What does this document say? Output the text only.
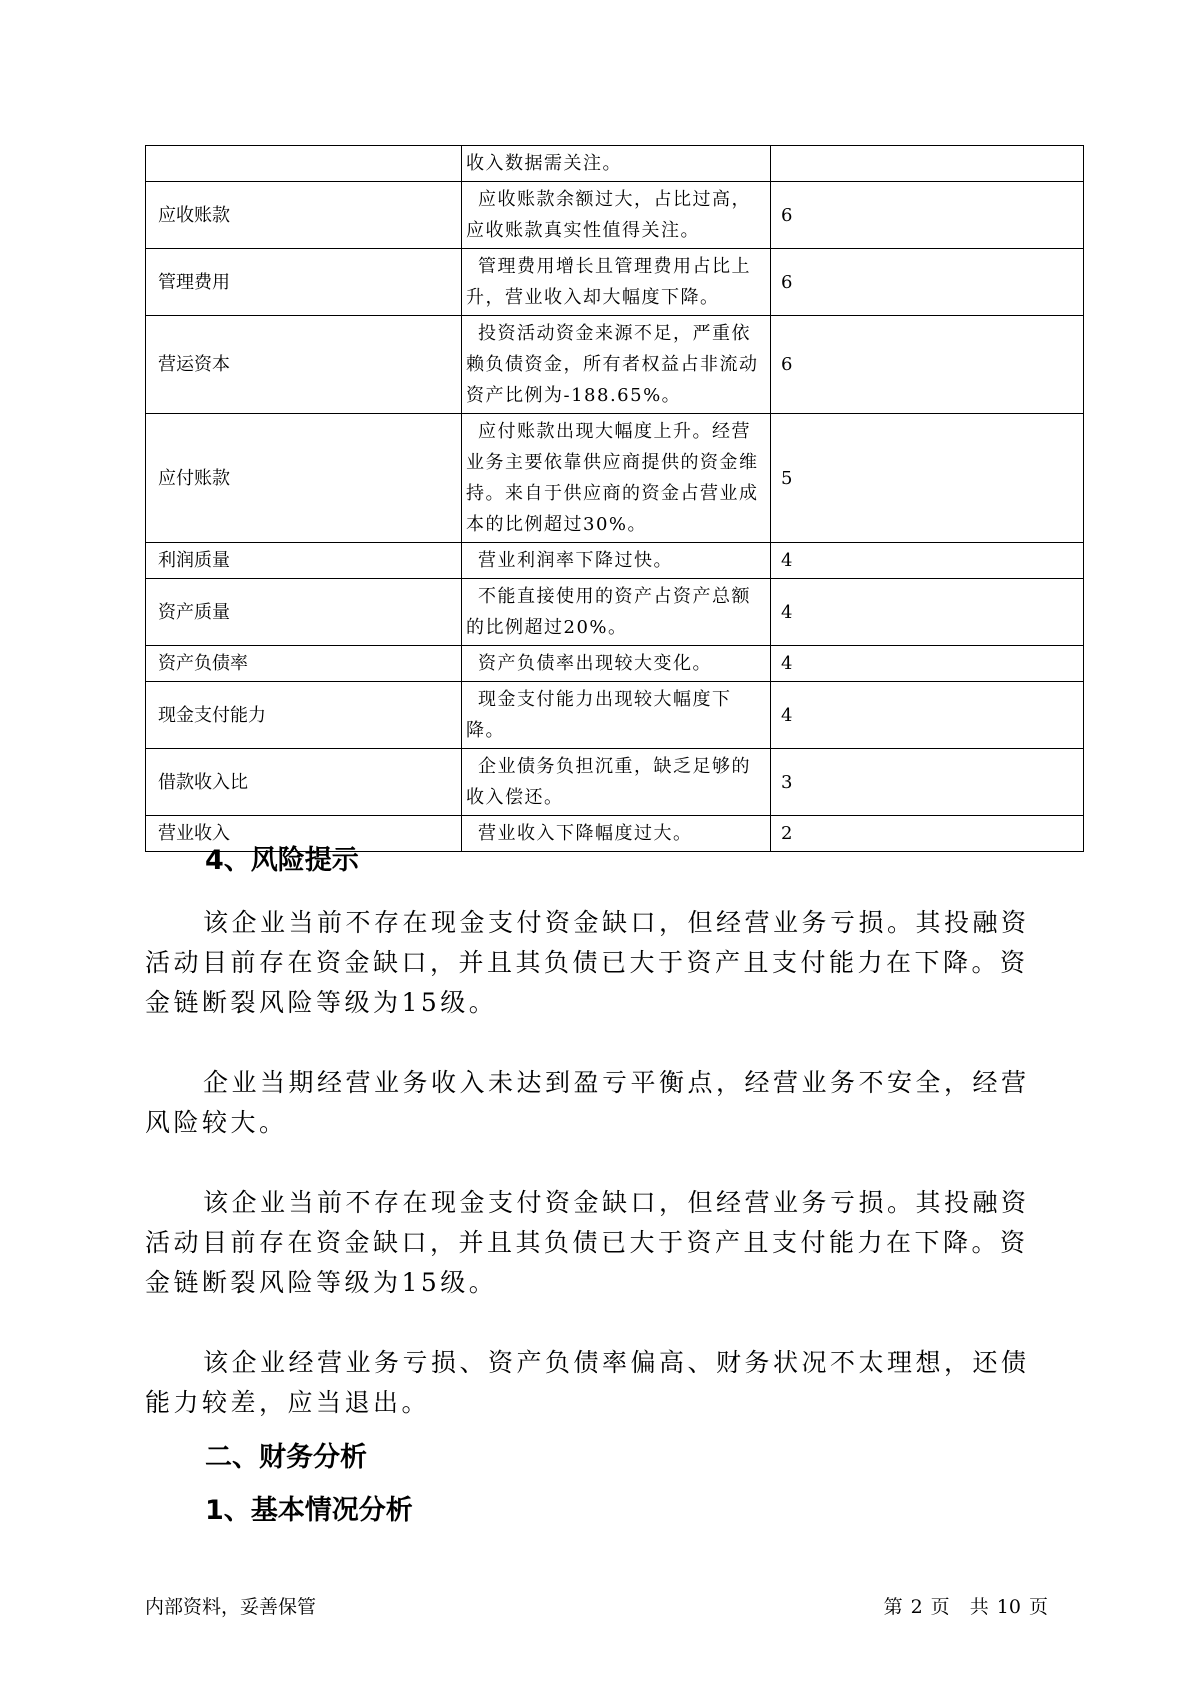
	收入数据需关注。	
应收账款	应收账款余额过大，占比过高，应收账款真实性值得关注。	6
管理费用	管理费用增长且管理费用占比上升，营业收入却大幅度下降。	6
营运资本	投资活动资金来源不足，严重依赖负债资金，所有者权益占非流动资产比例为-188.65%。	6
应付账款	应付账款出现大幅度上升。经营业务主要依靠供应商提供的资金维持。来自于供应商的资金占营业成本的比例超过30%。	5
利润质量	营业利润率下降过快。	4
资产质量	不能直接使用的资产占资产总额的比例超过20%。	4
资产负债率	资产负债率出现较大变化。	4
现金支付能力	现金支付能力出现较大幅度下降。	4
借款收入比	企业债务负担沉重，缺乏足够的收入偿还。	3
营业收入	营业收入下降幅度过大。	2
4、风险提示

该企业当前不存在现金支付资金缺口，但经营业务亏损。其投融资活动目前存在资金缺口，并且其负债已大于资产且支付能力在下降。资金链断裂风险等级为15级。

企业当期经营业务收入未达到盈亏平衡点，经营业务不安全，经营风险较大。

该企业当前不存在现金支付资金缺口，但经营业务亏损。其投融资活动目前存在资金缺口，并且其负债已大于资产且支付能力在下降。资金链断裂风险等级为15级。

该企业经营业务亏损、资产负债率偏高、财务状况不太理想，还债能力较差，应当退出。

二、财务分析
1、基本情况分析
内部资料，妥善保管	第 2 页 共 10 页
